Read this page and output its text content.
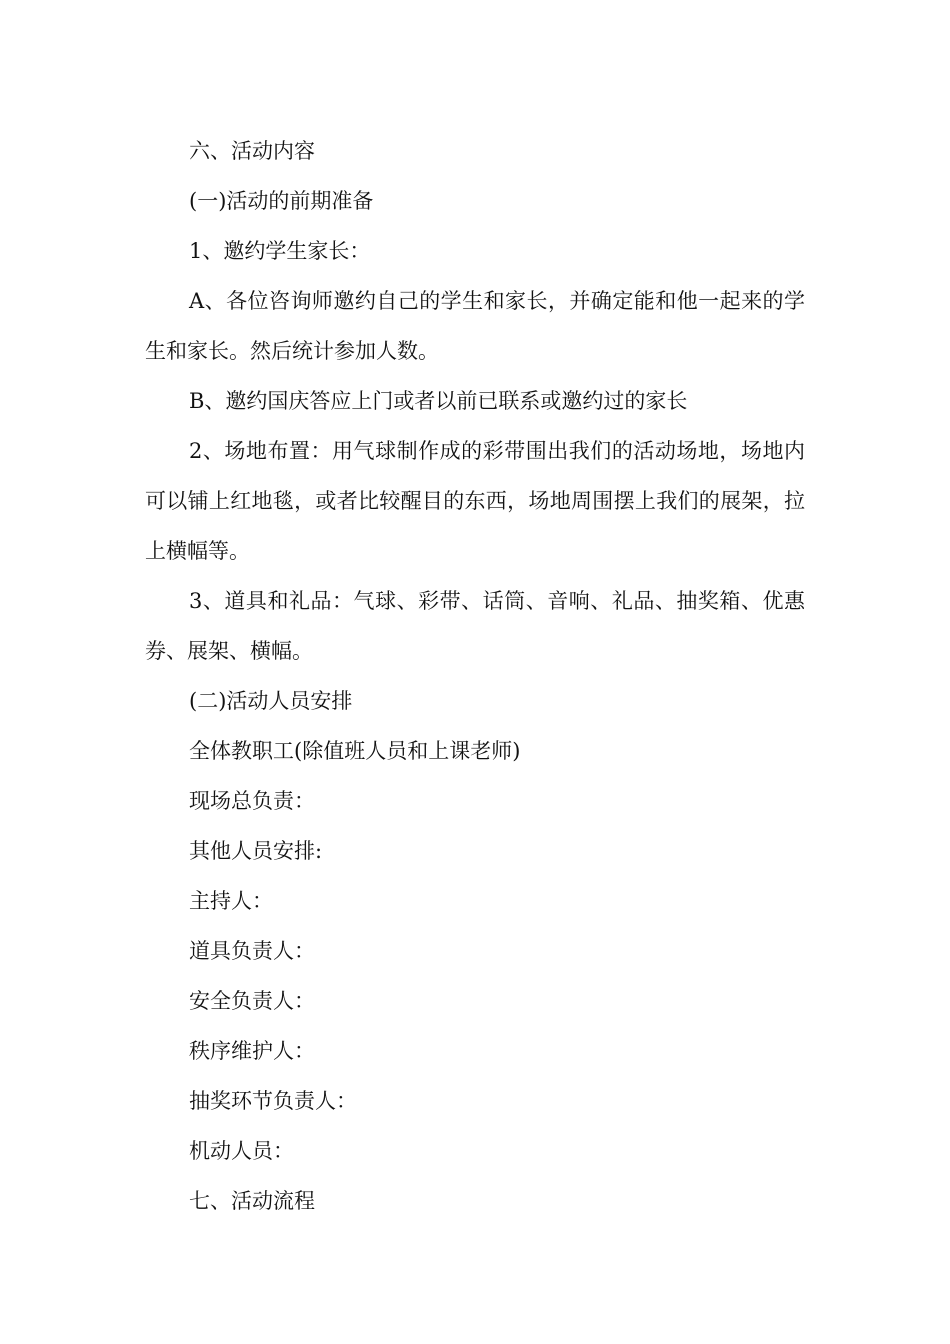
六、活动内容

(一)活动的前期准备

1、邀约学生家长：

A、各位咨询师邀约自己的学生和家长，并确定能和他一起来的学生和家长。然后统计参加人数。

B、邀约国庆答应上门或者以前已联系或邀约过的家长

2、场地布置：用气球制作成的彩带围出我们的活动场地，场地内可以铺上红地毯，或者比较醒目的东西，场地周围摆上我们的展架，拉上横幅等。

3、道具和礼品：气球、彩带、话筒、音响、礼品、抽奖箱、优惠券、展架、横幅。

(二)活动人员安排

全体教职工(除值班人员和上课老师)

现场总负责：

其他人员安排:

主持人：

道具负责人：

安全负责人：

秩序维护人：

抽奖环节负责人：

机动人员：

七、活动流程
